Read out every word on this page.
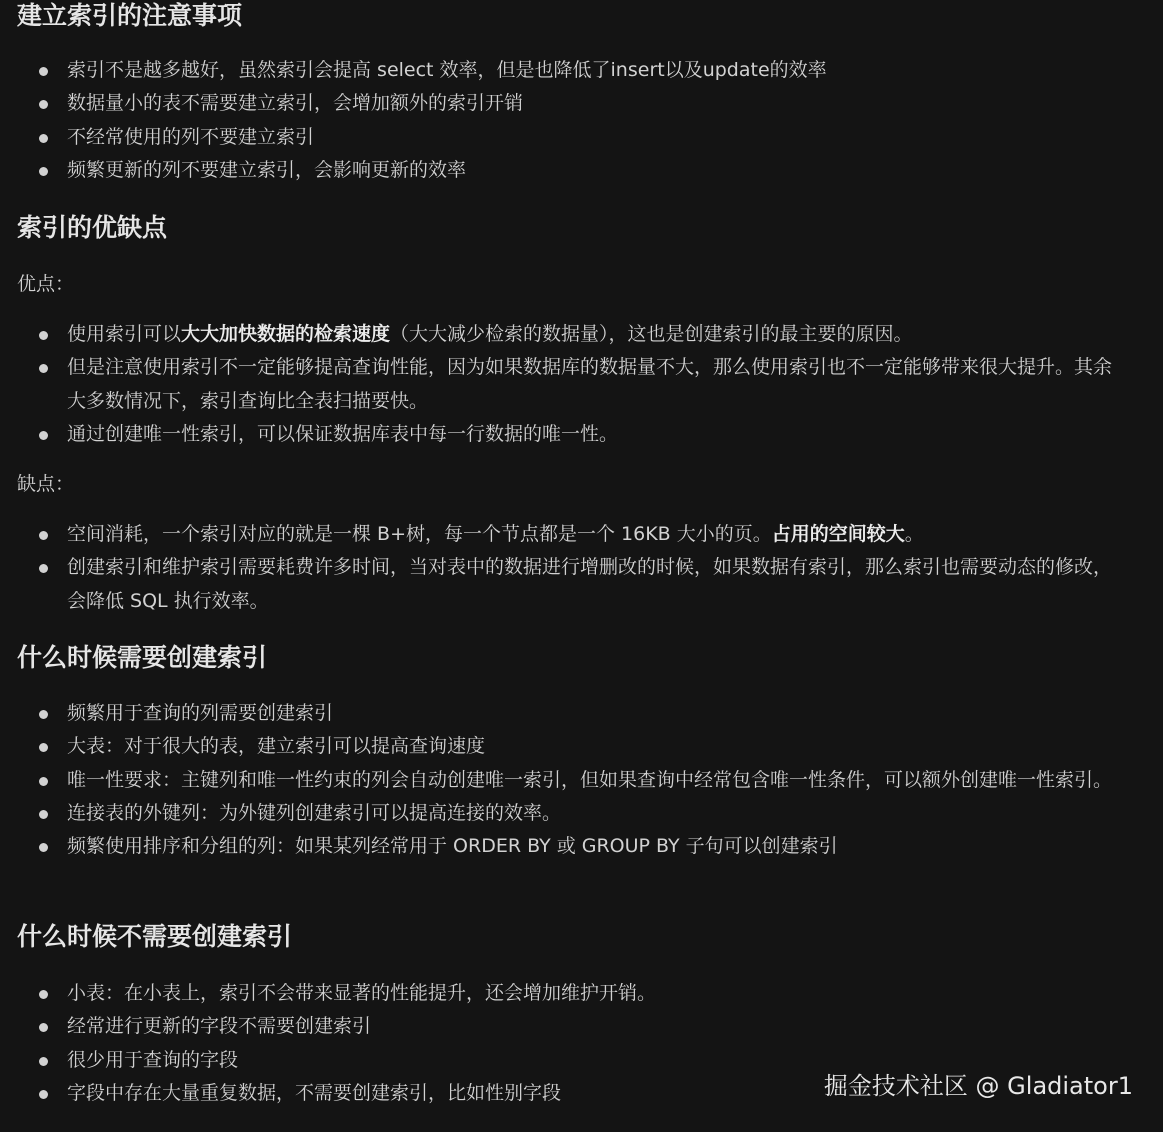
建立索引的注意事项
索引不是越多越好，虽然索引会提高 select 效率，但是也降低了insert以及update的效率
数据量小的表不需要建立索引，会增加额外的索引开销
不经常使用的列不要建立索引
频繁更新的列不要建立索引，会影响更新的效率
索引的优缺点

优点：

使用索引可以大大加快数据的检索速度（大大减少检索的数据量），这也是创建索引的最主要的原因。
但是注意使用索引不一定能够提高查询性能，因为如果数据库的数据量不大，那么使用索引也不一定能够带来很大提升。其余大多数情况下，索引查询比全表扫描要快。
通过创建唯一性索引，可以保证数据库表中每一行数据的唯一性。

缺点：

空间消耗，一个索引对应的就是一棵 B+树，每一个节点都是一个 16KB 大小的页。占用的空间较大。
创建索引和维护索引需要耗费许多时间，当对表中的数据进行增删改的时候，如果数据有索引，那么索引也需要动态的修改，会降低 SQL 执行效率。
什么时候需要创建索引
频繁用于查询的列需要创建索引
大表：对于很大的表，建立索引可以提高查询速度
唯一性要求：主键列和唯一性约束的列会自动创建唯一索引，但如果查询中经常包含唯一性条件，可以额外创建唯一性索引。
连接表的外键列：为外键列创建索引可以提高连接的效率。
频繁使用排序和分组的列：如果某列经常用于 ORDER BY 或 GROUP BY 子句可以创建索引
什么时候不需要创建索引
小表：在小表上，索引不会带来显著的性能提升，还会增加维护开销。
经常进行更新的字段不需要创建索引
很少用于查询的字段
字段中存在大量重复数据，不需要创建索引，比如性别字段	掘金技术社区 @ Gladiator1
